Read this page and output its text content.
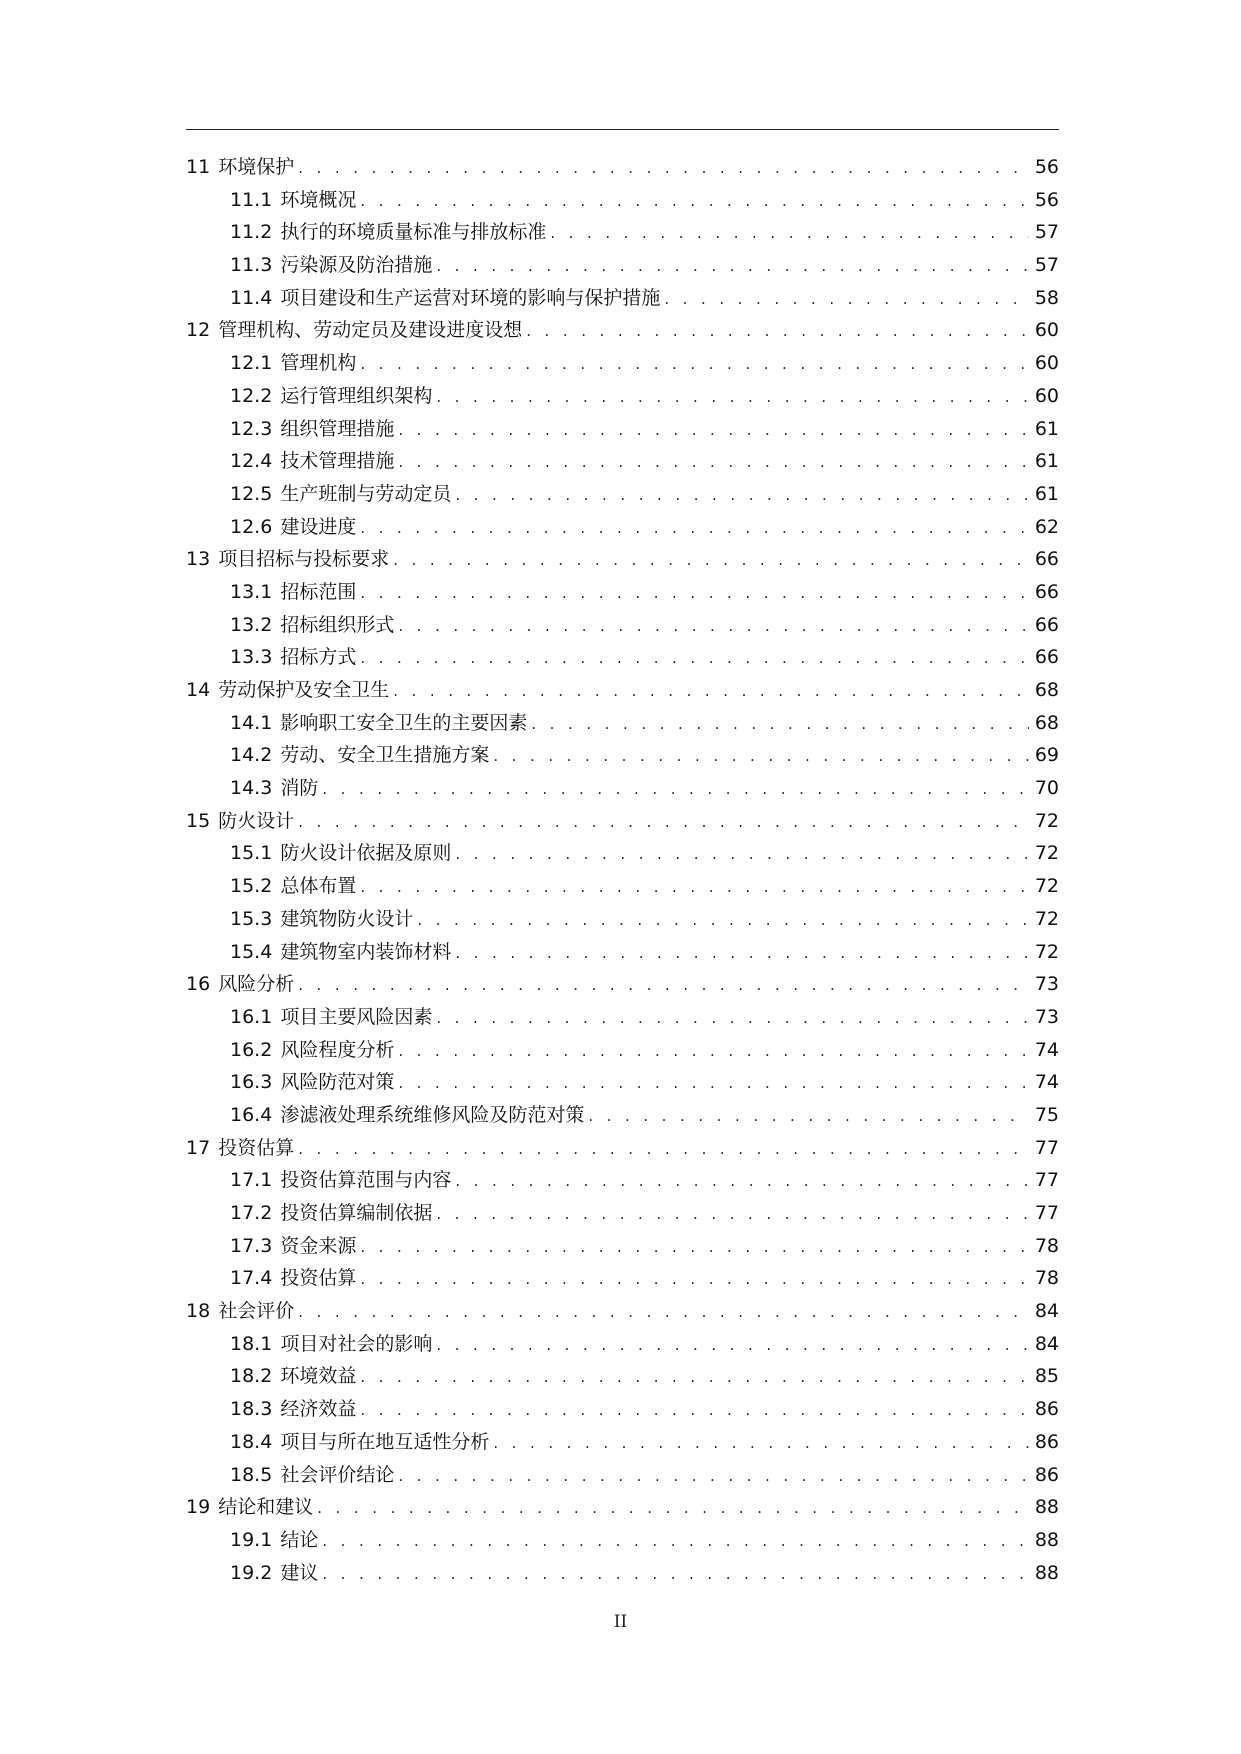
11 环境保护 . . .	56
11.1 环境概况 . . .	56
11.2 执行的环境质量标准与排放标准 . . .	57
11.3 污染源及防治措施 . . .	57
11.4 项目建设和生产运营对环境的影响与保护措施 . . .	58
12 管理机构、劳动定员及建设进度设想 . . .	60
12.1 管理机构 . . .	60
12.2 运行管理组织架构 . . .	60
12.3 组织管理措施 . . .	61
12.4 技术管理措施 . . .	61
12.5 生产班制与劳动定员 . . .	61
12.6 建设进度 . . .	62
13 项目招标与投标要求 . . .	66
13.1 招标范围 . . .	66
13.2 招标组织形式 . . .	66
13.3 招标方式 . . .	66
14 劳动保护及安全卫生 . . .	68
14.1 影响职工安全卫生的主要因素 . . .	68
14.2 劳动、安全卫生措施方案 . . .	69
14.3 消防 . . .	70
15 防火设计 . . .	72
15.1 防火设计依据及原则 . . .	72
15.2 总体布置 . . .	72
15.3 建筑物防火设计 . . .	72
15.4 建筑物室内装饰材料 . . .	72
16 风险分析 . . .	73
16.1 项目主要风险因素 . . .	73
16.2 风险程度分析 . . .	74
16.3 风险防范对策 . . .	74
16.4 渗滤液处理系统维修风险及防范对策 . . .	75
17 投资估算 . . .	77
17.1 投资估算范围与内容 . . .	77
17.2 投资估算编制依据 . . .	77
17.3 资金来源 . . .	78
17.4 投资估算 . . .	78
18 社会评价 . . .	84
18.1 项目对社会的影响 . . .	84
18.2 环境效益 . . .	85
18.3 经济效益 . . .	86
18.4 项目与所在地互适性分析 . . .	86
18.5 社会评价结论 . . .	86
19 结论和建议 . . .	88
19.1 结论 . . .	88
19.2 建议 . . .	88
II
